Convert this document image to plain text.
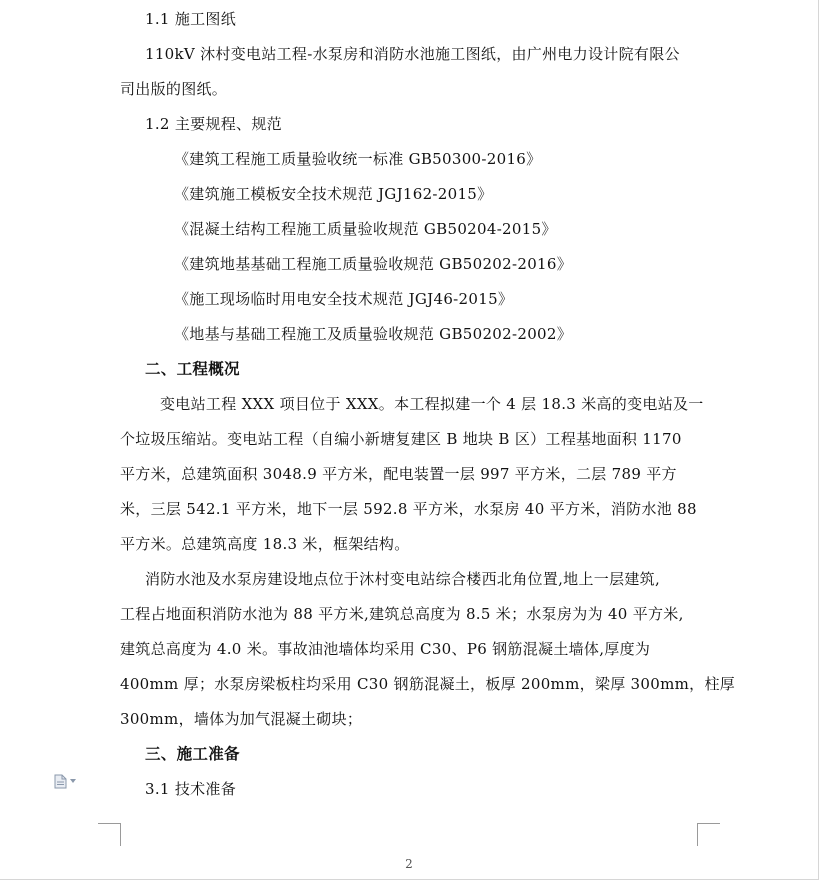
1.1 施工图纸
110kV 沐村变电站工程-水泵房和消防水池施工图纸，由广州电力设计院有限公
司出版的图纸。
1.2 主要规程、规范
《建筑工程施工质量验收统一标准 GB50300-2016》
《建筑施工模板安全技术规范 JGJ162-2015》
《混凝土结构工程施工质量验收规范 GB50204-2015》
《建筑地基基础工程施工质量验收规范 GB50202-2016》
《施工现场临时用电安全技术规范 JGJ46-2015》
《地基与基础工程施工及质量验收规范 GB50202-2002》
二、工程概况
变电站工程 XXX 项目位于 XXX。本工程拟建一个 4 层 18.3 米高的变电站及一
个垃圾压缩站。变电站工程（自编小新塘复建区 B 地块 B 区）工程基地面积 1170
平方米，总建筑面积 3048.9 平方米，配电装置一层 997 平方米，二层 789 平方
米，三层 542.1 平方米，地下一层 592.8 平方米，水泵房 40 平方米，消防水池 88
平方米。总建筑高度 18.3 米，框架结构。
消防水池及水泵房建设地点位于沐村变电站综合楼西北角位置,地上一层建筑,
工程占地面积消防水池为 88 平方米,建筑总高度为 8.5 米；水泵房为为 40 平方米,
建筑总高度为 4.0 米。事故油池墙体均采用 C30、P6 钢筋混凝土墙体,厚度为
400mm 厚；水泵房梁板柱均采用 C30 钢筋混凝土，板厚 200mm，梁厚 300mm，柱厚
300mm，墙体为加气混凝土砌块；
三、施工准备
3.1 技术准备
2
